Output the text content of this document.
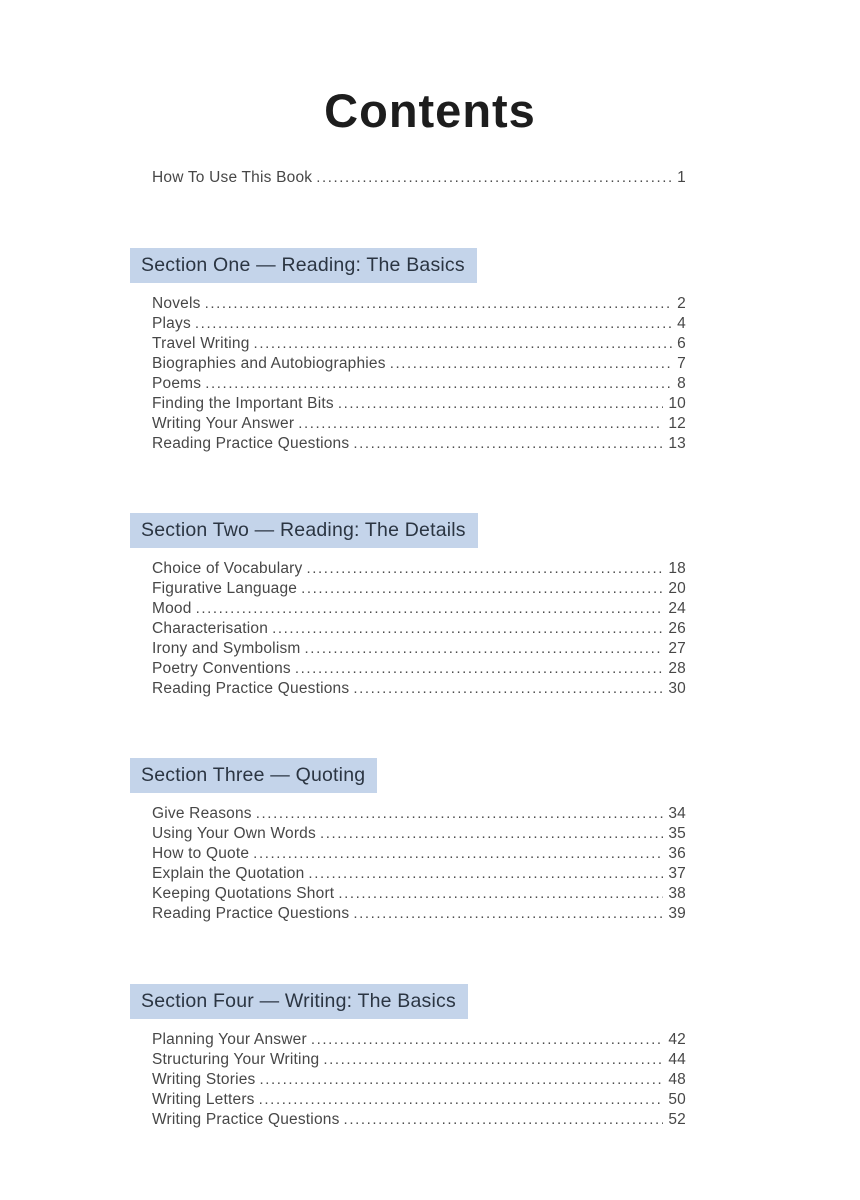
Contents
How To Use This Book .....	1
Section One — Reading: The Basics
Novels .....	2
Plays .....	4
Travel Writing .....	6
Biographies and Autobiographies .....	7
Poems .....	8
Finding the Important Bits .....	10
Writing Your Answer .....	12
Reading Practice Questions .....	13
Section Two — Reading: The Details
Choice of Vocabulary .....	18
Figurative Language .....	20
Mood .....	24
Characterisation .....	26
Irony and Symbolism .....	27
Poetry Conventions .....	28
Reading Practice Questions .....	30
Section Three — Quoting
Give Reasons .....	34
Using Your Own Words .....	35
How to Quote .....	36
Explain the Quotation .....	37
Keeping Quotations Short .....	38
Reading Practice Questions .....	39
Section Four — Writing: The Basics
Planning Your Answer .....	42
Structuring Your Writing .....	44
Writing Stories .....	48
Writing Letters .....	50
Writing Practice Questions .....	52
